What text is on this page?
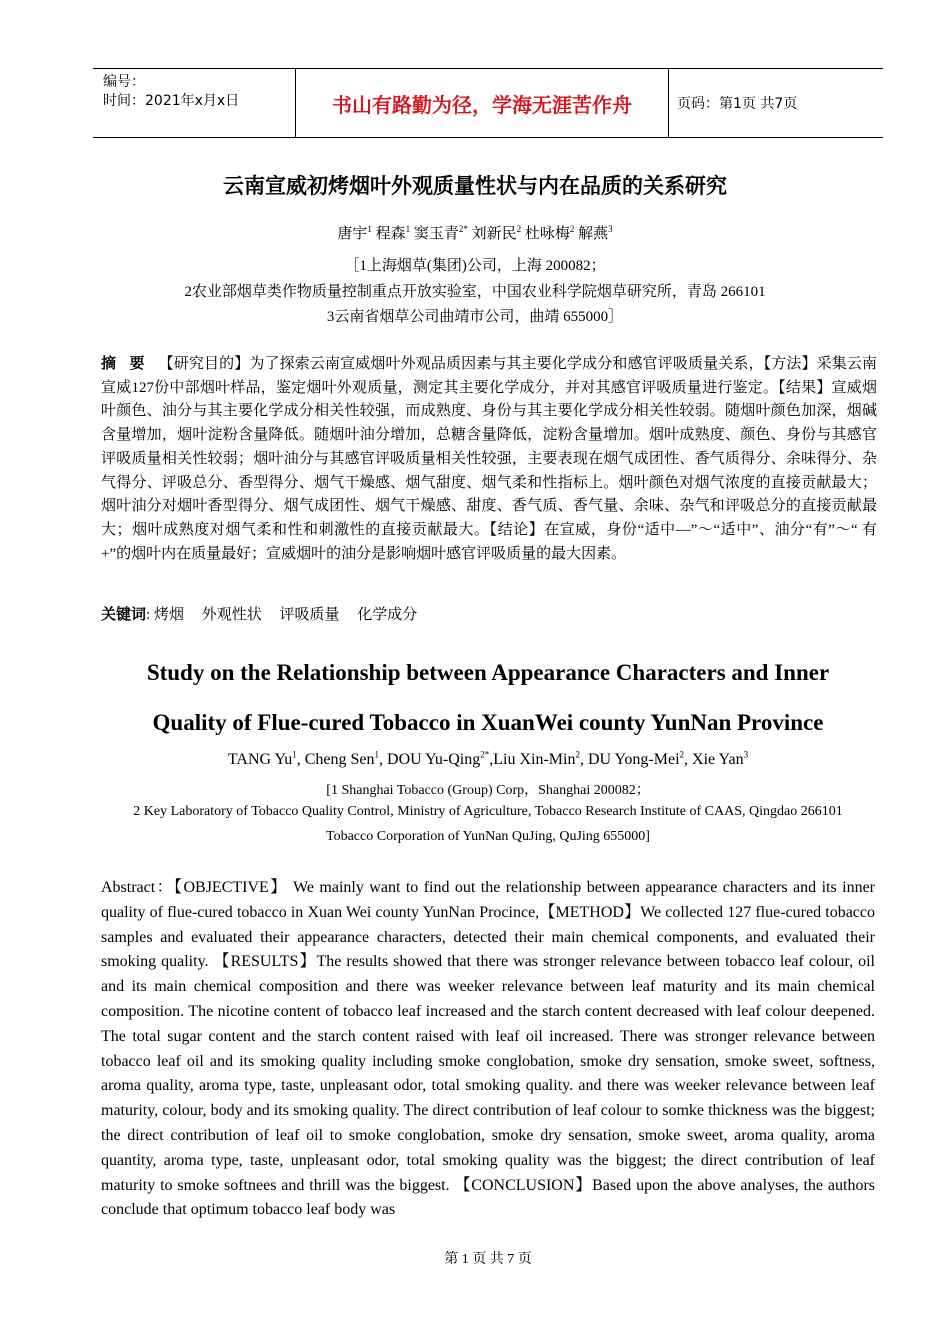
编号：
时间：2021年x月x日	书山有路勤为径，学海无涯苦作舟	页码：第1页 共7页
云南宣威初烤烟叶外观质量性状与内在品质的关系研究
唐宇$^1$ 程森$^1$ 窦玉青$^{2*}$ 刘新民$^2$ 杜咏梅$^2$ 解燕$^3$
［1上海烟草(集团)公司，上海 200082；
2农业部烟草类作物质量控制重点开放实验室，中国农业科学院烟草研究所，青岛 266101
3云南省烟草公司曲靖市公司，曲靖 655000］

摘 要 【研究目的】为了探索云南宣威烟叶外观品质因素与其主要化学成分和感官评吸质量关系，【方法】采集云南宣威127份中部烟叶样品，鉴定烟叶外观质量，测定其主要化学成分，并对其感官评吸质量进行鉴定。【结果】宣威烟叶颜色、油分与其主要化学成分相关性较强，而成熟度、身份与其主要化学成分相关性较弱。随烟叶颜色加深，烟碱含量增加，烟叶淀粉含量降低。随烟叶油分增加，总糖含量降低，淀粉含量增加。烟叶成熟度、颜色、身份与其感官评吸质量相关性较弱；烟叶油分与其感官评吸质量相关性较强，主要表现在烟气成团性、香气质得分、余味得分、杂气得分、评吸总分、香型得分、烟气干燥感、烟气甜度、烟气柔和性指标上。烟叶颜色对烟气浓度的直接贡献最大；烟叶油分对烟叶香型得分、烟气成团性、烟气干燥感、甜度、香气质、香气量、余味、杂气和评吸总分的直接贡献最大；烟叶成熟度对烟气柔和性和刺激性的直接贡献最大。【结论】在宣威，身份“适中—”～“适中”、油分“有”～“ 有+”的烟叶内在质量最好；宣威烟叶的油分是影响烟叶感官评吸质量的最大因素。

关键词: 烤烟 外观性状 评吸质量 化学成分
Study on the Relationship between Appearance Characters and Inner
Quality of Flue-cured Tobacco in XuanWei county YunNan Province
TANG Yu$^1$, Cheng Sen$^1$, DOU Yu-Qing$^{2*}$,Liu Xin-Min$^2$, DU Yong-Mei$^2$, Xie Yan$^3$
[1 Shanghai Tobacco (Group) Corp，Shanghai 200082；
2 Key Laboratory of Tobacco Quality Control, Ministry of Agriculture, Tobacco Research Institute of CAAS, Qingdao 266101
Tobacco Corporation of YunNan QuJing, QuJing 655000]

Abstract：【OBJECTIVE】 We mainly want to find out the relationship between appearance characters and its inner quality of flue-cured tobacco in Xuan Wei county YunNan Procince,【METHOD】We collected 127 flue-cured tobacco samples and evaluated their appearance characters, detected their main chemical components, and evaluated their smoking quality. 【RESULTS】The results showed that there was stronger relevance between tobacco leaf colour, oil and its main chemical composition and there was weeker relevance between leaf maturity and its main chemical composition. The nicotine content of tobacco leaf increased and the starch content decreased with leaf colour deepened. The total sugar content and the starch content raised with leaf oil increased. There was stronger relevance between tobacco leaf oil and its smoking quality including smoke conglobation, smoke dry sensation, smoke sweet, softness, aroma quality, aroma type, taste, unpleasant odor, total smoking quality. and there was weeker relevance between leaf maturity, colour, body and its smoking quality. The direct contribution of leaf colour to somke thickness was the biggest; the direct contribution of leaf oil to smoke conglobation, smoke dry sensation, smoke sweet, aroma quality, aroma quantity, aroma type, taste, unpleasant odor, total smoking quality was the biggest; the direct contribution of leaf maturity to smoke softnees and thrill was the biggest. 【CONCLUSION】Based upon the above analyses, the authors conclude that optimum tobacco leaf body was

第 1 页 共 7 页
